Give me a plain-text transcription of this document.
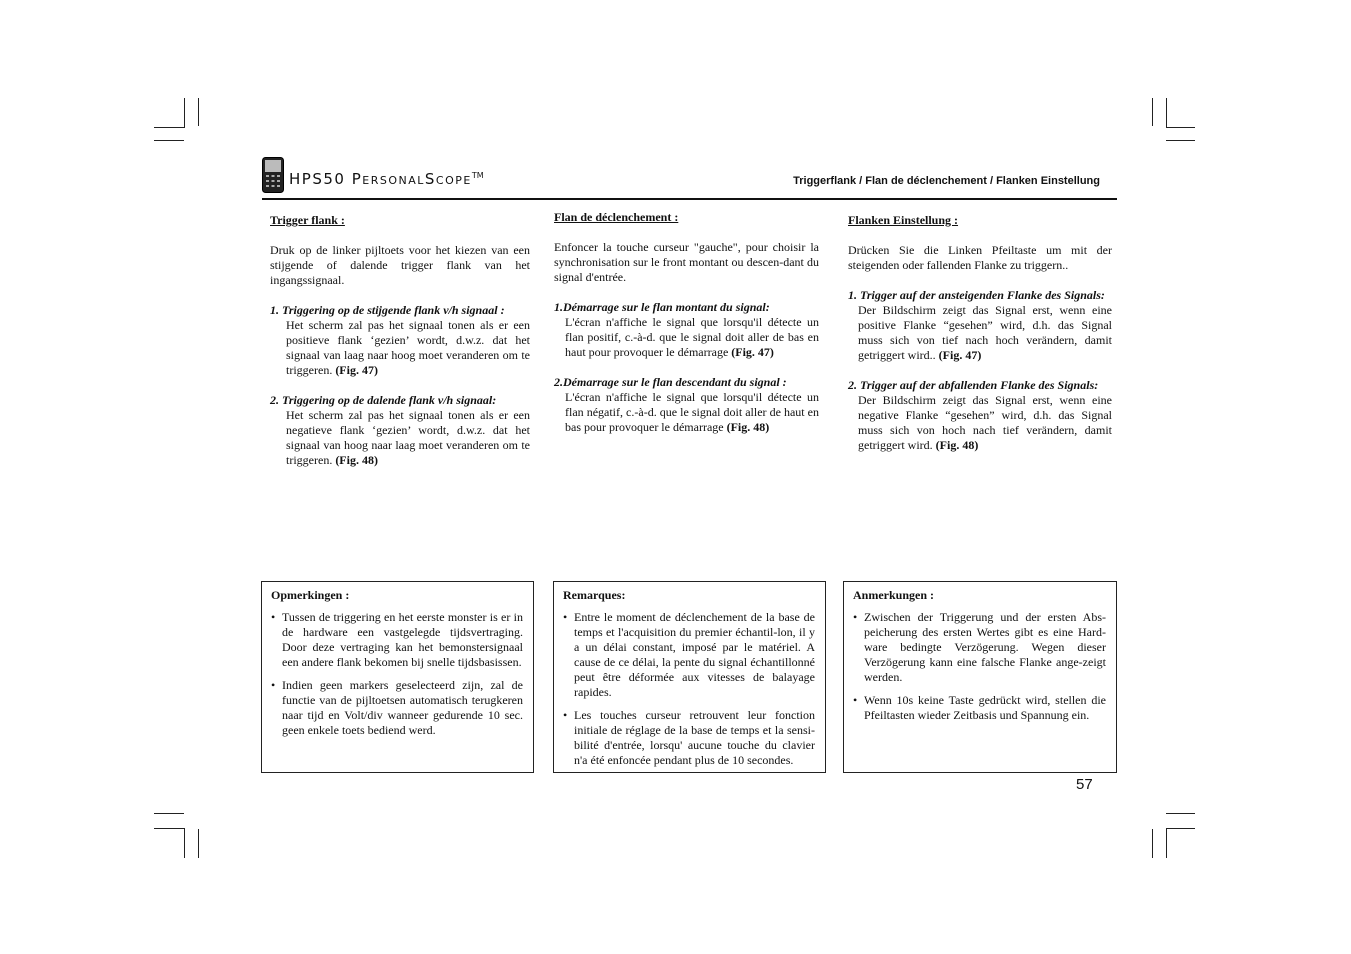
HPS50 PersonalScope™	Triggerflank / Flan de déclenchement / Flanken Einstellung

Trigger flank :

Druk op de linker pijltoets voor het kiezen van een stijgende of dalende trigger flank van het ingangssignaal.

1. Triggering op de stijgende flank v/h signaal :
Het scherm zal pas het signaal tonen als er een positieve flank ‘gezien’ wordt, d.w.z. dat het signaal van laag naar hoog moet veranderen om te triggeren. (Fig. 47)
2. Triggering op de dalende flank v/h signaal:
Het scherm zal pas het signaal tonen als er een negatieve flank ‘gezien’ wordt, d.w.z. dat het signaal van hoog naar laag moet veranderen om te triggeren. (Fig. 48)

Flan de déclenchement :

Enfoncer la touche curseur "gauche", pour choisir la synchronisation sur le front montant ou descen-dant du signal d'entrée.

1.Démarrage sur le flan montant du signal:
L'écran n'affiche le signal que lorsqu'il détecte un flan positif, c.-à-d. que le signal doit aller de bas en haut pour provoquer le démarrage (Fig. 47)
2.Démarrage sur le flan descendant du signal :
L'écran n'affiche le signal que lorsqu'il détecte un flan négatif, c.-à-d. que le signal doit aller de haut en bas pour provoquer le démarrage (Fig. 48)

Flanken Einstellung :

Drücken Sie die Linken Pfeiltaste um mit der steigenden oder fallenden Flanke zu triggern..

1. Trigger auf der ansteigenden Flanke des Signals:
Der Bildschirm zeigt das Signal erst, wenn eine positive Flanke “gesehen” wird, d.h. das Signal muss sich von tief nach hoch verändern, damit getriggert wird.. (Fig. 47)
2. Trigger auf der abfallenden Flanke des Signals:
Der Bildschirm zeigt das Signal erst, wenn eine negative Flanke “gesehen” wird, d.h. das Signal muss sich von hoch nach tief verändern, damit getriggert wird. (Fig. 48)

Opmerkingen :

• Tussen de triggering en het eerste monster is er in de hardware een vastgelegde tijdsvertraging. Door deze vertraging kan het bemonstersignaal een andere flank bekomen bij snelle tijdsbasissen.
• Indien geen markers geselecteerd zijn, zal de functie van de pijltoetsen automatisch terugkeren naar tijd en Volt/div wanneer gedurende 10 sec. geen enkele toets bediend werd.

Remarques:

• Entre le moment de déclenchement de la base de temps et l'acquisition du premier échantil-lon, il y a un délai constant, imposé par le matériel. A cause de ce délai, la pente du signal échantillonné peut être déformée aux vitesses de balayage rapides.
• Les touches curseur retrouvent leur fonction initiale de réglage de la base de temps et la sensi-bilité d'entrée, lorsqu' aucune touche du clavier n'a été enfoncée pendant plus de 10 secondes.

Anmerkungen :

• Zwischen der Triggerung und der ersten Abs-peicherung des ersten Wertes gibt es eine Hard-ware bedingte Verzögerung. Wegen dieser Verzögerung kann eine falsche Flanke ange-zeigt werden.
• Wenn 10s keine Taste gedrückt wird, stellen die Pfeiltasten wieder Zeitbasis und Spannung ein.
57
